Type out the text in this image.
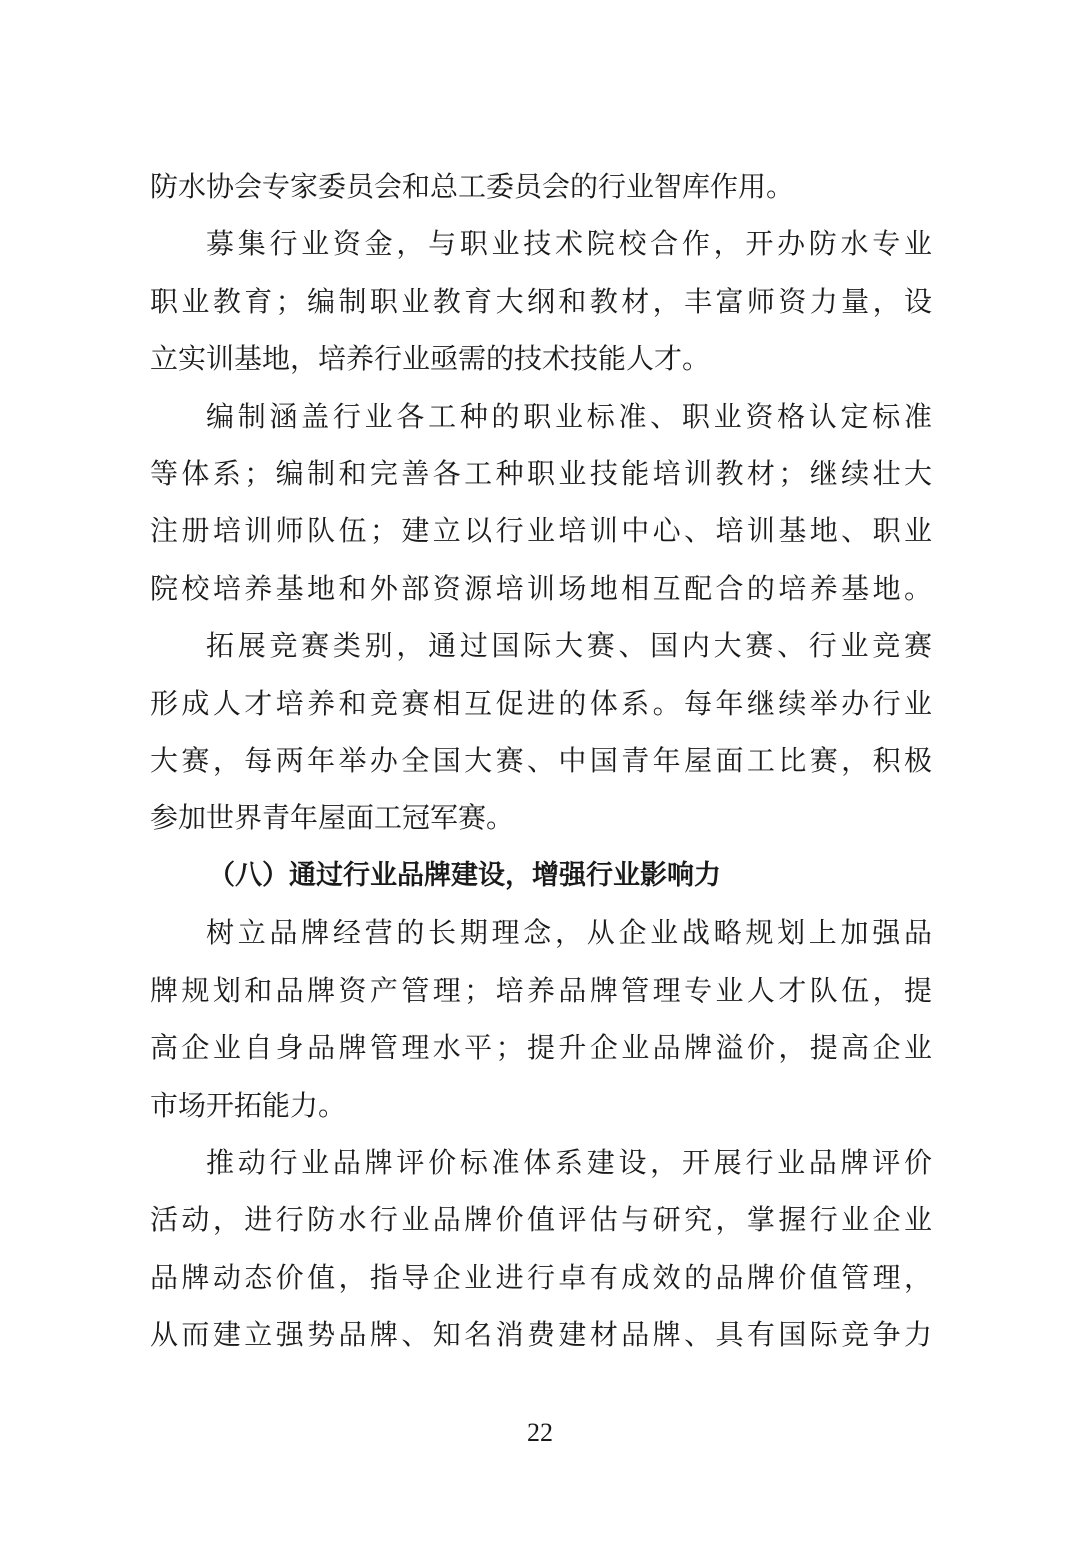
防水协会专家委员会和总工委员会的行业智库作用。
募集行业资金，与职业技术院校合作，开办防水专业
职业教育；编制职业教育大纲和教材，丰富师资力量，设
立实训基地，培养行业亟需的技术技能人才。
编制涵盖行业各工种的职业标准、职业资格认定标准
等体系；编制和完善各工种职业技能培训教材；继续壮大
注册培训师队伍；建立以行业培训中心、培训基地、职业
院校培养基地和外部资源培训场地相互配合的培养基地。
拓展竞赛类别，通过国际大赛、国内大赛、行业竞赛
形成人才培养和竞赛相互促进的体系。每年继续举办行业
大赛，每两年举办全国大赛、中国青年屋面工比赛，积极
参加世界青年屋面工冠军赛。
（八）通过行业品牌建设，增强行业影响力
树立品牌经营的长期理念，从企业战略规划上加强品
牌规划和品牌资产管理；培养品牌管理专业人才队伍，提
高企业自身品牌管理水平；提升企业品牌溢价，提高企业
市场开拓能力。
推动行业品牌评价标准体系建设，开展行业品牌评价
活动，进行防水行业品牌价值评估与研究，掌握行业企业
品牌动态价值，指导企业进行卓有成效的品牌价值管理，
从而建立强势品牌、知名消费建材品牌、具有国际竞争力
22
